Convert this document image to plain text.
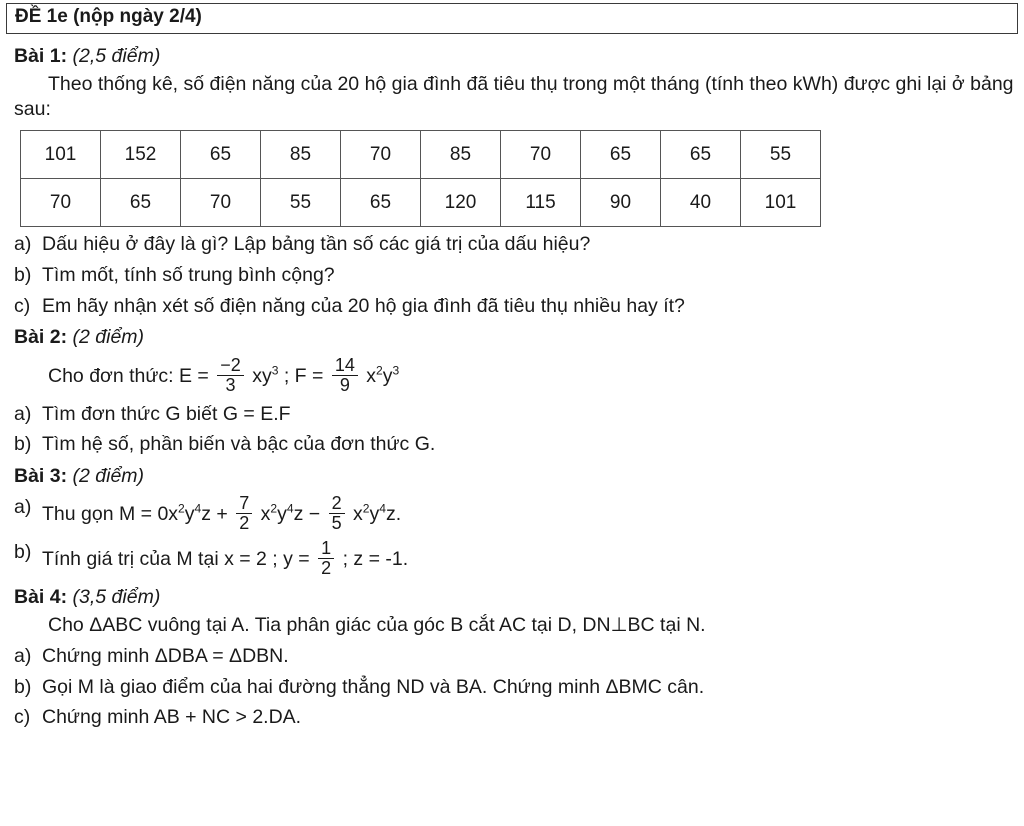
ĐỀ 1e (nộp ngày 2/4)
Bài 1: (2,5 điểm)
Theo thống kê, số điện năng của 20 hộ gia đình đã tiêu thụ trong một tháng (tính theo kWh) được ghi lại ở bảng sau:
101	152	65	85	70	85	70	65	65	55
70	65	70	55	65	120	115	90	40	101
a) Dấu hiệu ở đây là gì? Lập bảng tần số các giá trị của dấu hiệu?
b) Tìm mốt, tính số trung bình cộng?
c) Em hãy nhận xét số điện năng của 20 hộ gia đình đã tiêu thụ nhiều hay ít?
Bài 2: (2 điểm)
Cho đơn thức: $E = \frac{-2}{3} xy^3$ ; $F = \frac{14}{9} x^2y^3$
a) Tìm đơn thức G biết G = E.F
b) Tìm hệ số, phần biến và bậc của đơn thức G.
Bài 3: (2 điểm)
a) Thu gọn $M = 0x^2y^4z + \frac{7}{2} x^2y^4z - \frac{2}{5} x^2y^4z$.
b) Tính giá trị của M tại x = 2 ; $y = \frac{1}{2}$ ; z = -1.
Bài 4: (3,5 điểm)
Cho ΔABC vuông tại A. Tia phân giác của góc B cắt AC tại D, DN⊥BC tại N.
a) Chứng minh ΔDBA = ΔDBN.
b) Gọi M là giao điểm của hai đường thẳng ND và BA. Chứng minh ΔBMC cân.
c) Chứng minh AB + NC > 2.DA.
